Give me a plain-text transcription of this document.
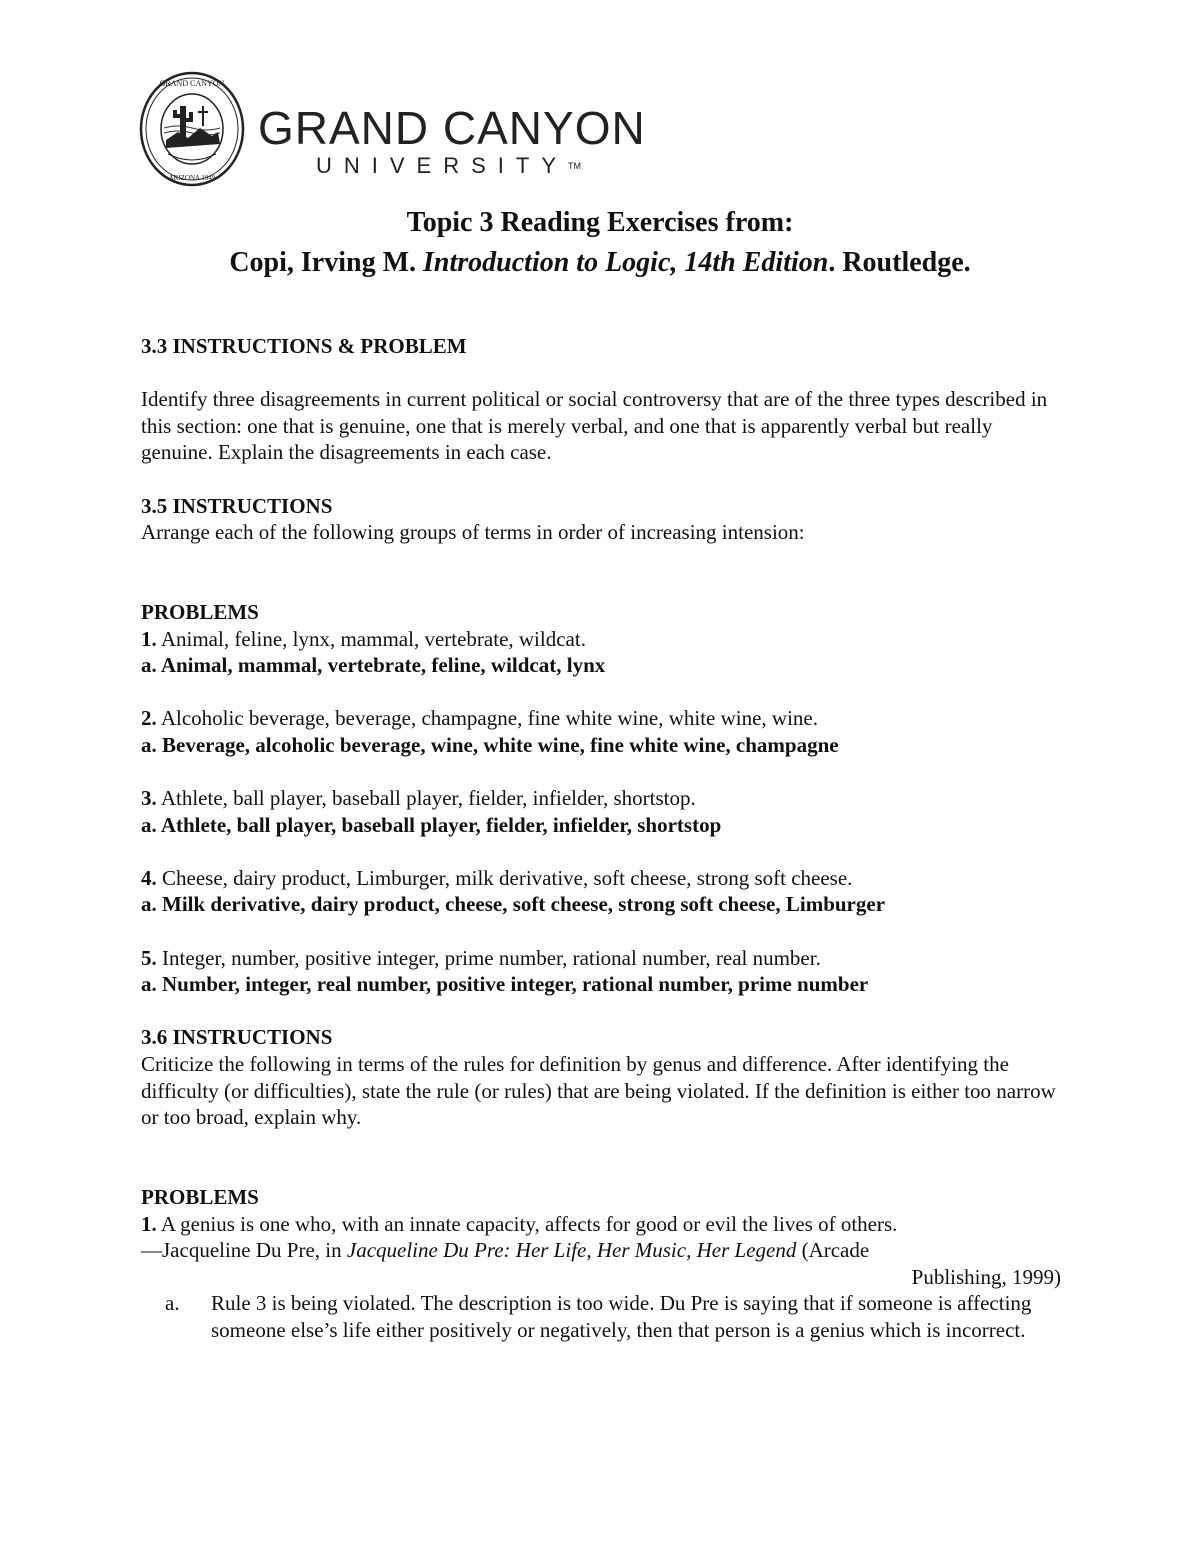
GRAND CANYON
ARIZONA 1949
GRAND CANYON
UNIVERSITY™
Topic 3 Reading Exercises from:
Copi, Irving M. Introduction to Logic, 14th Edition. Routledge.

3.3 INSTRUCTIONS & PROBLEM

Identify three disagreements in current political or social controversy that are of the three types described in this section: one that is genuine, one that is merely verbal, and one that is apparently verbal but really genuine. Explain the disagreements in each case.

3.5 INSTRUCTIONS

Arrange each of the following groups of terms in order of increasing intension:

PROBLEMS

1. Animal, feline, lynx, mammal, vertebrate, wildcat.

a. Animal, mammal, vertebrate, feline, wildcat, lynx

2. Alcoholic beverage, beverage, champagne, fine white wine, white wine, wine.

a. Beverage, alcoholic beverage, wine, white wine, fine white wine, champagne

3. Athlete, ball player, baseball player, fielder, infielder, shortstop.

a. Athlete, ball player, baseball player, fielder, infielder, shortstop

4. Cheese, dairy product, Limburger, milk derivative, soft cheese, strong soft cheese.

a. Milk derivative, dairy product, cheese, soft cheese, strong soft cheese, Limburger

5. Integer, number, positive integer, prime number, rational number, real number.

a. Number, integer, real number, positive integer, rational number, prime number

3.6 INSTRUCTIONS

Criticize the following in terms of the rules for definition by genus and difference. After identifying the difficulty (or difficulties), state the rule (or rules) that are being violated. If the definition is either too narrow or too broad, explain why.

PROBLEMS

1. A genius is one who, with an innate capacity, affects for good or evil the lives of others.

—Jacqueline Du Pre, in Jacqueline Du Pre: Her Life, Her Music, Her Legend (Arcade

Publishing, 1999)

a.	Rule 3 is being violated. The description is too wide. Du Pre is saying that if someone is affecting someone else’s life either positively or negatively, then that person is a genius which is incorrect.
